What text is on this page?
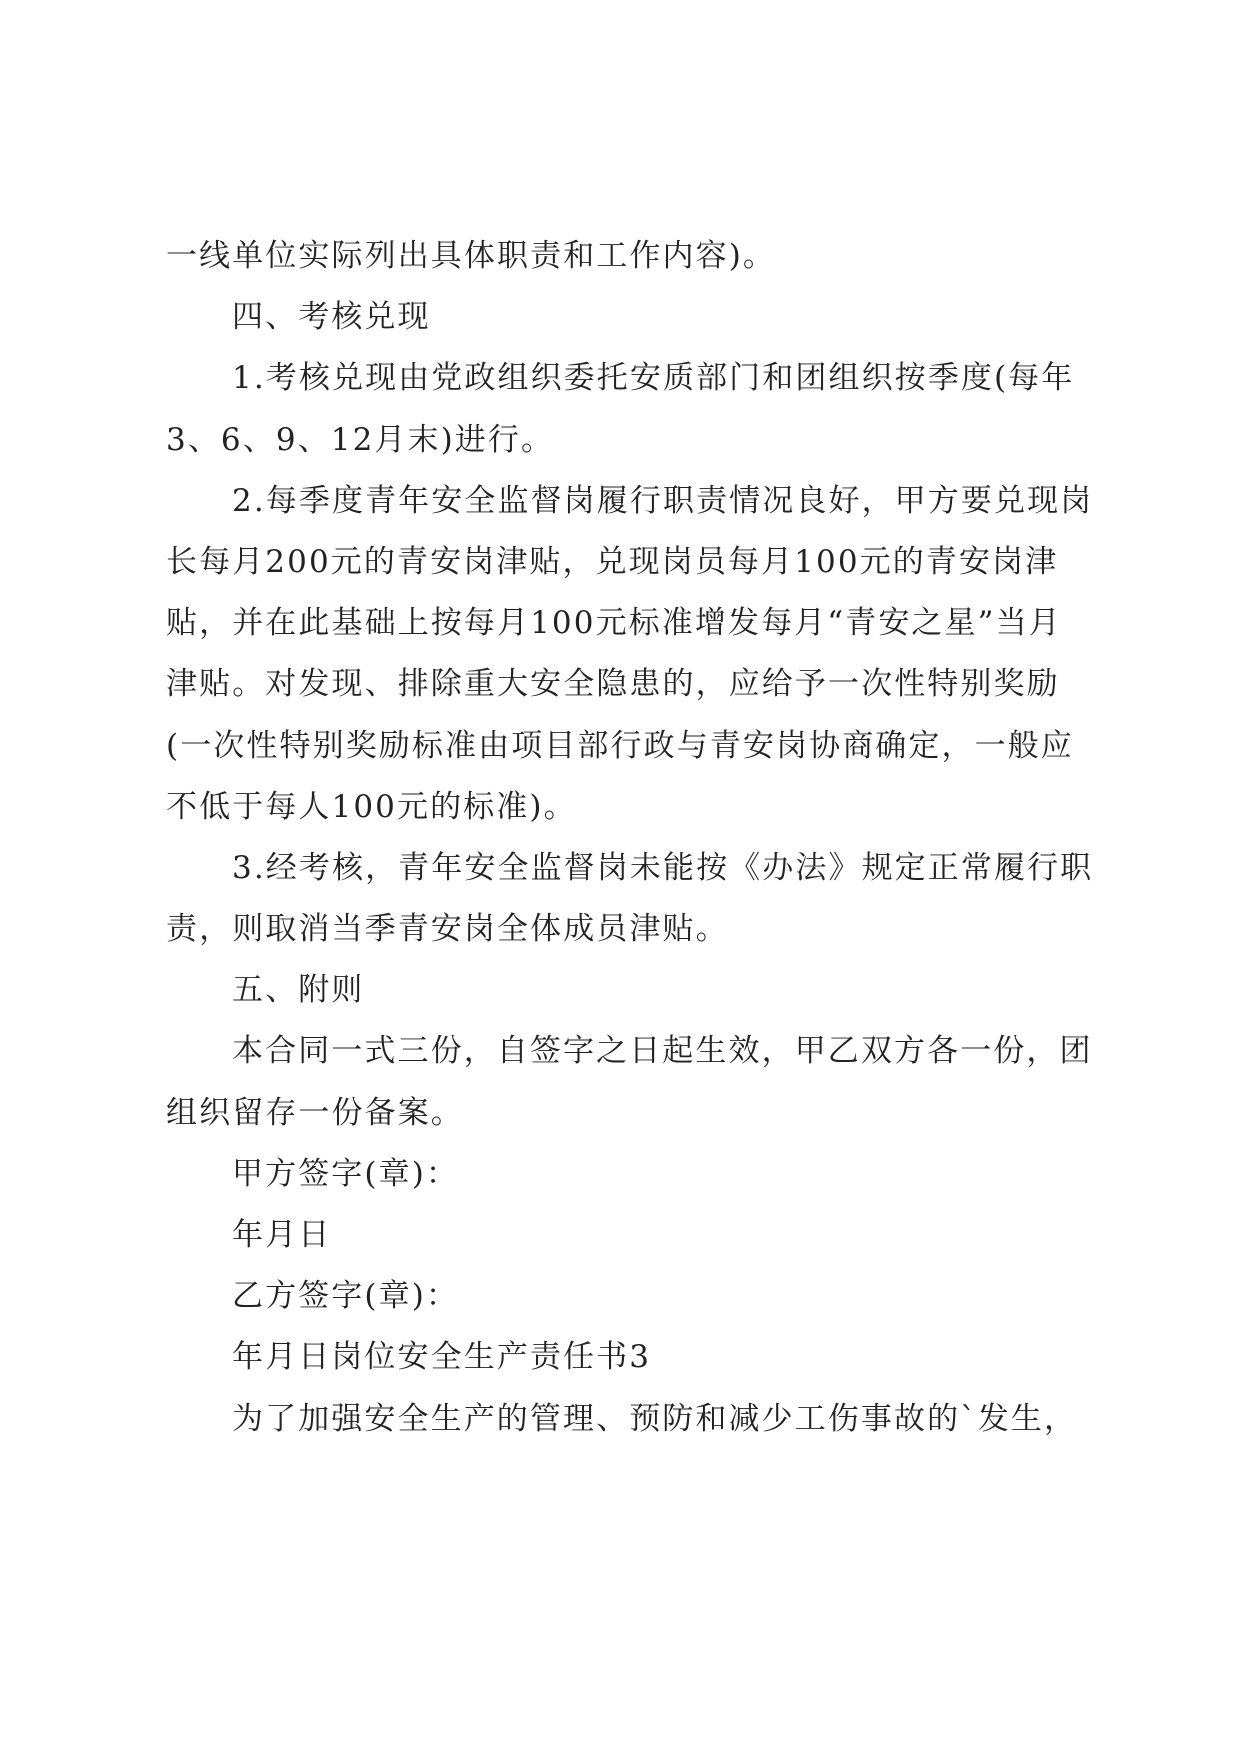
一线单位实际列出具体职责和工作内容)。
四、考核兑现
1.考核兑现由党政组织委托安质部门和团组织按季度(每年
3、6、9、12月末)进行。
2.每季度青年安全监督岗履行职责情况良好，甲方要兑现岗
长每月200元的青安岗津贴，兑现岗员每月100元的青安岗津
贴，并在此基础上按每月100元标准增发每月“青安之星”当月
津贴。对发现、排除重大安全隐患的，应给予一次性特别奖励
(一次性特别奖励标准由项目部行政与青安岗协商确定，一般应
不低于每人100元的标准)。
3.经考核，青年安全监督岗未能按《办法》规定正常履行职
责，则取消当季青安岗全体成员津贴。
五、附则
本合同一式三份，自签字之日起生效，甲乙双方各一份，团
组织留存一份备案。
甲方签字(章)：
年月日
乙方签字(章)：
年月日岗位安全生产责任书3
为了加强安全生产的管理、预防和减少工伤事故的`发生，
